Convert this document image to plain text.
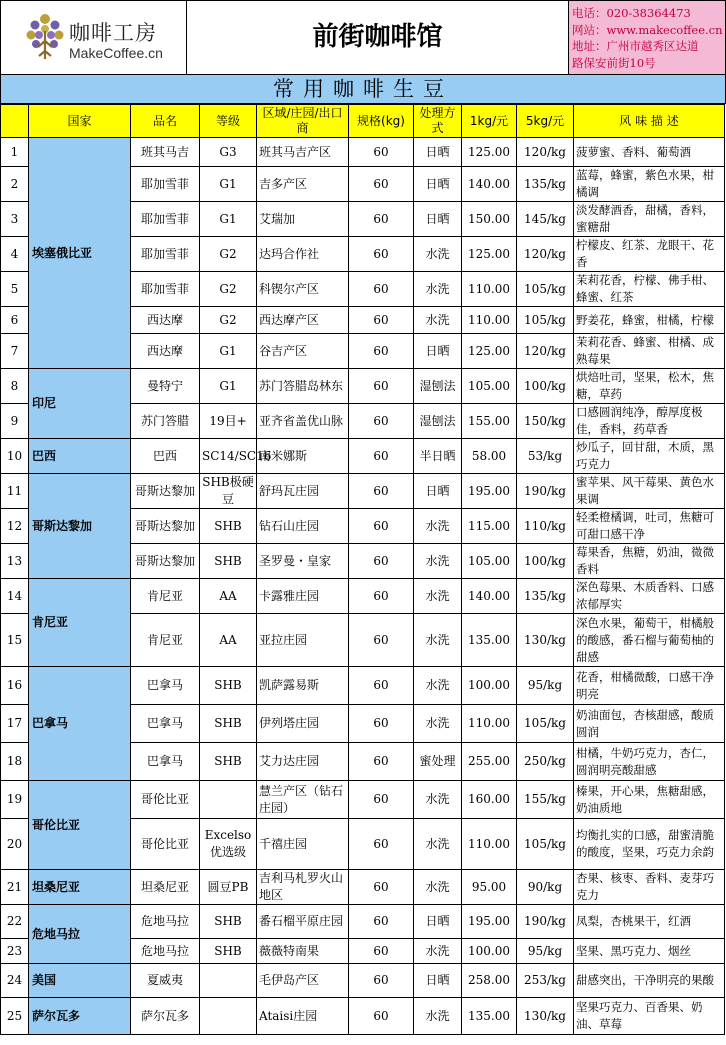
咖啡工房
MakeCoffee.cn
前街咖啡馆
电话：020-38364473
网站：www.makecoffee.cn
地址：广州市越秀区达道
路保安前街10号
常用咖啡生豆
	国家	品名	等级	区域/庄园/出口商	规格(kg)	处理方式	1kg/元	5kg/元	风 味 描 述
1	埃塞俄比亚	班其马吉	G3	班其马吉产区	60	日晒	125.00	120/kg	菠萝蜜、香料、葡萄酒
2		耶加雪菲	G1	吉多产区	60	日晒	140.00	135/kg	蓝莓，蜂蜜，紫色水果，柑橘调
3		耶加雪菲	G1	艾瑞加	60	日晒	150.00	145/kg	淡发酵酒香，甜橘，香料，蜜糖甜
4		耶加雪菲	G2	达玛合作社	60	水洗	125.00	120/kg	柠檬皮、红茶、龙眼干、花香
5		耶加雪菲	G2	科锲尔产区	60	水洗	110.00	105/kg	茉莉花香，柠檬、佛手柑、蜂蜜、红茶
6		西达摩	G2	西达摩产区	60	水洗	110.00	105/kg	野姜花，蜂蜜，柑橘，柠檬
7		西达摩	G1	谷吉产区	60	日晒	125.00	120/kg	茉莉花香、蜂蜜、柑橘、成熟莓果
8	印尼	曼特宁	G1	苏门答腊岛林东	60	湿刨法	105.00	100/kg	烘焙吐司，坚果，松木，焦糖，草药
9		苏门答腊	19目+	亚齐省盖优山脉	60	湿刨法	155.00	150/kg	口感圆润纯净，醇厚度极佳，香料，药草香
10	巴西	巴西	SC14/SC16	南米娜斯	60	半日晒	58.00	53/kg	炒瓜子，回甘甜，木质，黑巧克力
11	哥斯达黎加	哥斯达黎加	SHB极硬豆	舒玛瓦庄园	60	日晒	195.00	190/kg	蜜苹果、风干莓果、黄色水果调
12		哥斯达黎加	SHB	钻石山庄园	60	水洗	115.00	110/kg	轻柔橙橘调，吐司，焦糖可可甜口感干净
13		哥斯达黎加	SHB	圣罗曼・皇家	60	水洗	105.00	100/kg	莓果香，焦糖，奶油，微微香料
14	肯尼亚	肯尼亚	AA	卡露雅庄园	60	水洗	140.00	135/kg	深色莓果、木质香料、口感浓郁厚实
15		肯尼亚	AA	亚拉庄园	60	水洗	135.00	130/kg	深色水果，葡萄干，柑橘般的酸感，番石榴与葡萄柚的甜感
16	巴拿马	巴拿马	SHB	凯萨露易斯	60	水洗	100.00	95/kg	花香，柑橘微酸，口感干净明亮
17		巴拿马	SHB	伊列塔庄园	60	水洗	110.00	105/kg	奶油面包，杏核甜感，酸质圆润
18		巴拿马	SHB	艾力达庄园	60	蜜处理	255.00	250/kg	柑橘，牛奶巧克力，杏仁，圆润明亮酸甜感
19	哥伦比亚	哥伦比亚		慧兰产区（钻石庄园）	60	水洗	160.00	155/kg	榛果，开心果，焦糖甜感，奶油质地
20		哥伦比亚	Excelso优选级	千禧庄园	60	水洗	110.00	105/kg	均衡扎实的口感，甜蜜清脆的酸度，坚果，巧克力余韵
21	坦桑尼亚	坦桑尼亚	圆豆PB	吉利马札罗火山地区	60	水洗	95.00	90/kg	杏果、核枣、香料、麦芽巧克力
22	危地马拉	危地马拉	SHB	番石榴平原庄园	60	日晒	195.00	190/kg	凤梨，杏桃果干，红酒
23		危地马拉	SHB	薇薇特南果	60	水洗	100.00	95/kg	坚果、黑巧克力、烟丝
24	美国	夏威夷		毛伊岛产区	60	日晒	258.00	253/kg	甜感突出，干净明亮的果酸
25	萨尔瓦多	萨尔瓦多		Ataisi庄园	60	水洗	135.00	130/kg	坚果巧克力、百香果、奶油、草莓
